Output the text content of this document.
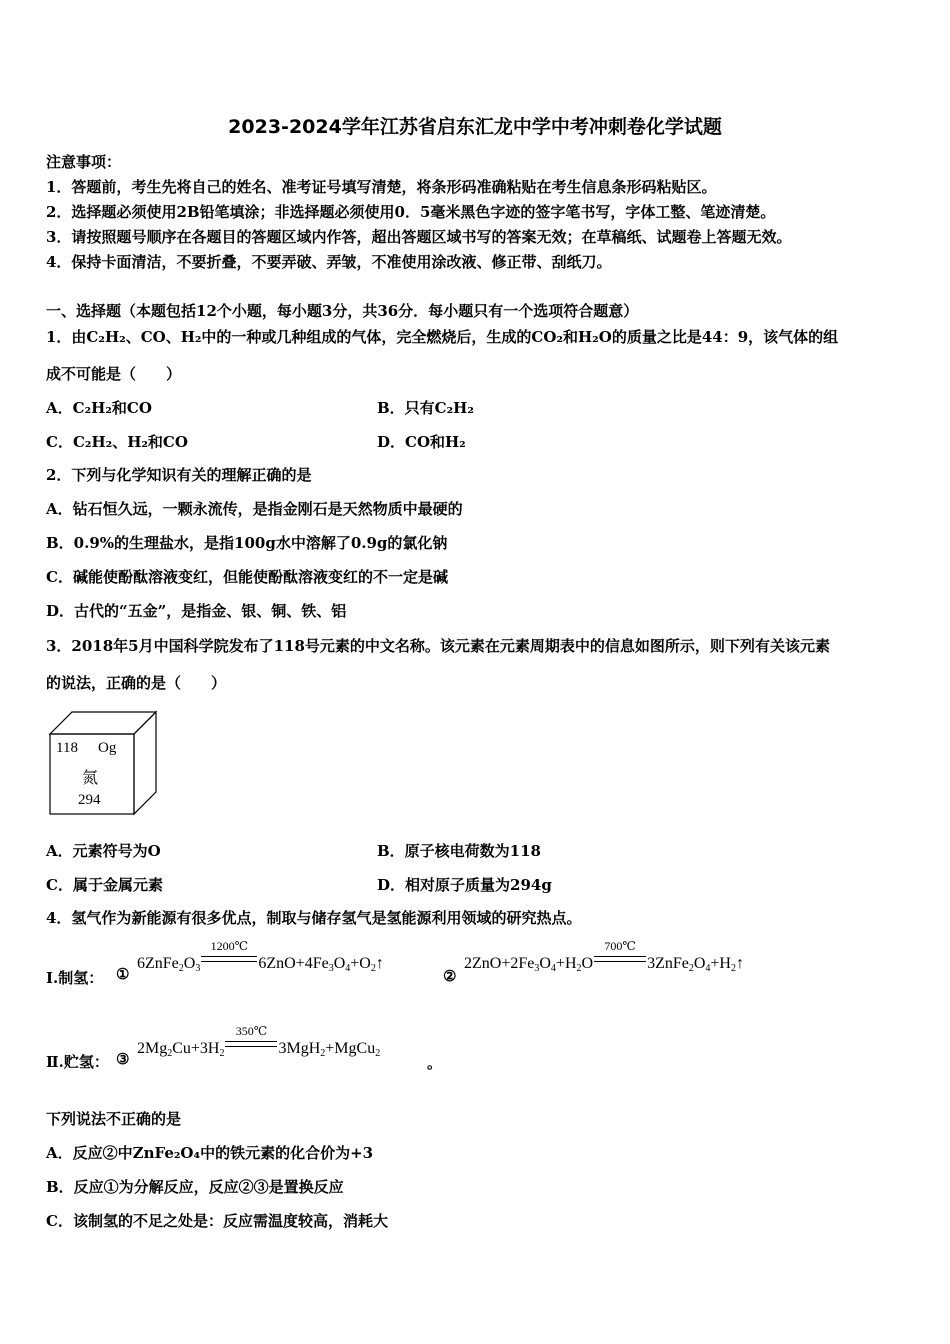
2023-2024学年江苏省启东汇龙中学中考冲刺卷化学试题
注意事项：
1．答题前，考生先将自己的姓名、准考证号填写清楚，将条形码准确粘贴在考生信息条形码粘贴区。
2．选择题必须使用2B铅笔填涂；非选择题必须使用0．5毫米黑色字迹的签字笔书写，字体工整、笔迹清楚。
3．请按照题号顺序在各题目的答题区域内作答，超出答题区域书写的答案无效；在草稿纸、试题卷上答题无效。
4．保持卡面清洁，不要折叠，不要弄破、弄皱，不准使用涂改液、修正带、刮纸刀。
一、选择题（本题包括12个小题，每小题3分，共36分．每小题只有一个选项符合题意）
1．由C₂H₂、CO、H₂中的一种或几种组成的气体，完全燃烧后，生成的CO₂和H₂O的质量之比是44：9，该气体的组
成不可能是（　　）
A．C₂H₂和CO	B．只有C₂H₂
C．C₂H₂、H₂和CO	D．CO和H₂
2．下列与化学知识有关的理解正确的是
A．钻石恒久远，一颗永流传，是指金刚石是天然物质中最硬的
B．0.9%的生理盐水，是指100g水中溶解了0.9g的氯化钠
C．碱能使酚酞溶液变红，但能使酚酞溶液变红的不一定是碱
D．古代的“五金”，是指金、银、铜、铁、铝
3．2018年5月中国科学院发布了118号元素的中文名称。该元素在元素周期表中的信息如图所示，则下列有关该元素
的说法，正确的是（　　）
118 Og
氮
294
A．元素符号为O	B．原子核电荷数为118
C．属于金属元素	D．相对原子质量为294g
4．氢气作为新能源有很多优点，制取与储存氢气是氢能源利用领域的研究热点。
Ⅰ.制氢： ①
$6ZnFe_2O_3$
1200℃
$6ZnO+4Fe_3O_4+O_2↑$
②
$2ZnO+2Fe_3O_4+H_2O$
700℃
$3ZnFe_2O_4+H_2↑$
Ⅱ.贮氢： ③
$2Mg_2Cu+3H_2$
350℃
3MgH$_2$+MgCu$_2$
。
下列说法不正确的是
A．反应②中ZnFe₂O₄中的铁元素的化合价为+3
B．反应①为分解反应，反应②③是置换反应
C．该制氢的不足之处是：反应需温度较高，消耗大
